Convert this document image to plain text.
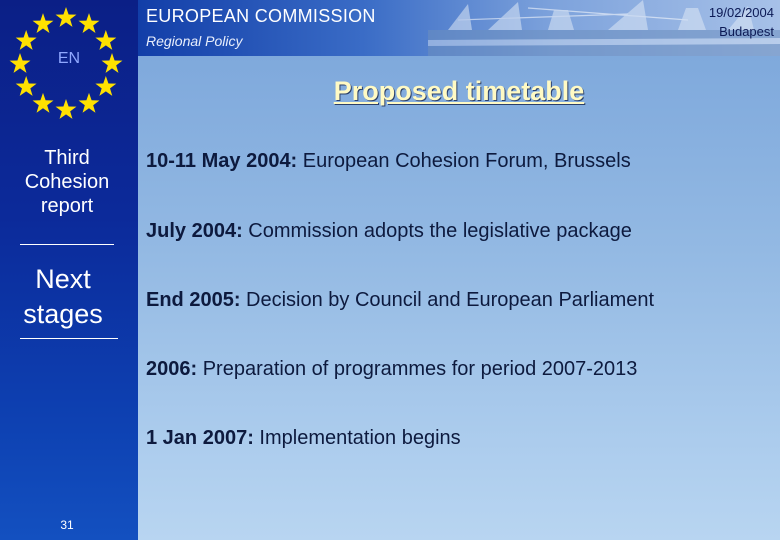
EN
Third Cohesion report
Next stages
31
EUROPEAN COMMISSION
Regional Policy
19/02/2004
Budapest
Proposed timetable
10-11 May 2004: European Cohesion Forum, Brussels
July 2004: Commission adopts the legislative package
End 2005: Decision by Council and European Parliament
2006: Preparation of programmes for period 2007-2013
1 Jan 2007: Implementation begins
